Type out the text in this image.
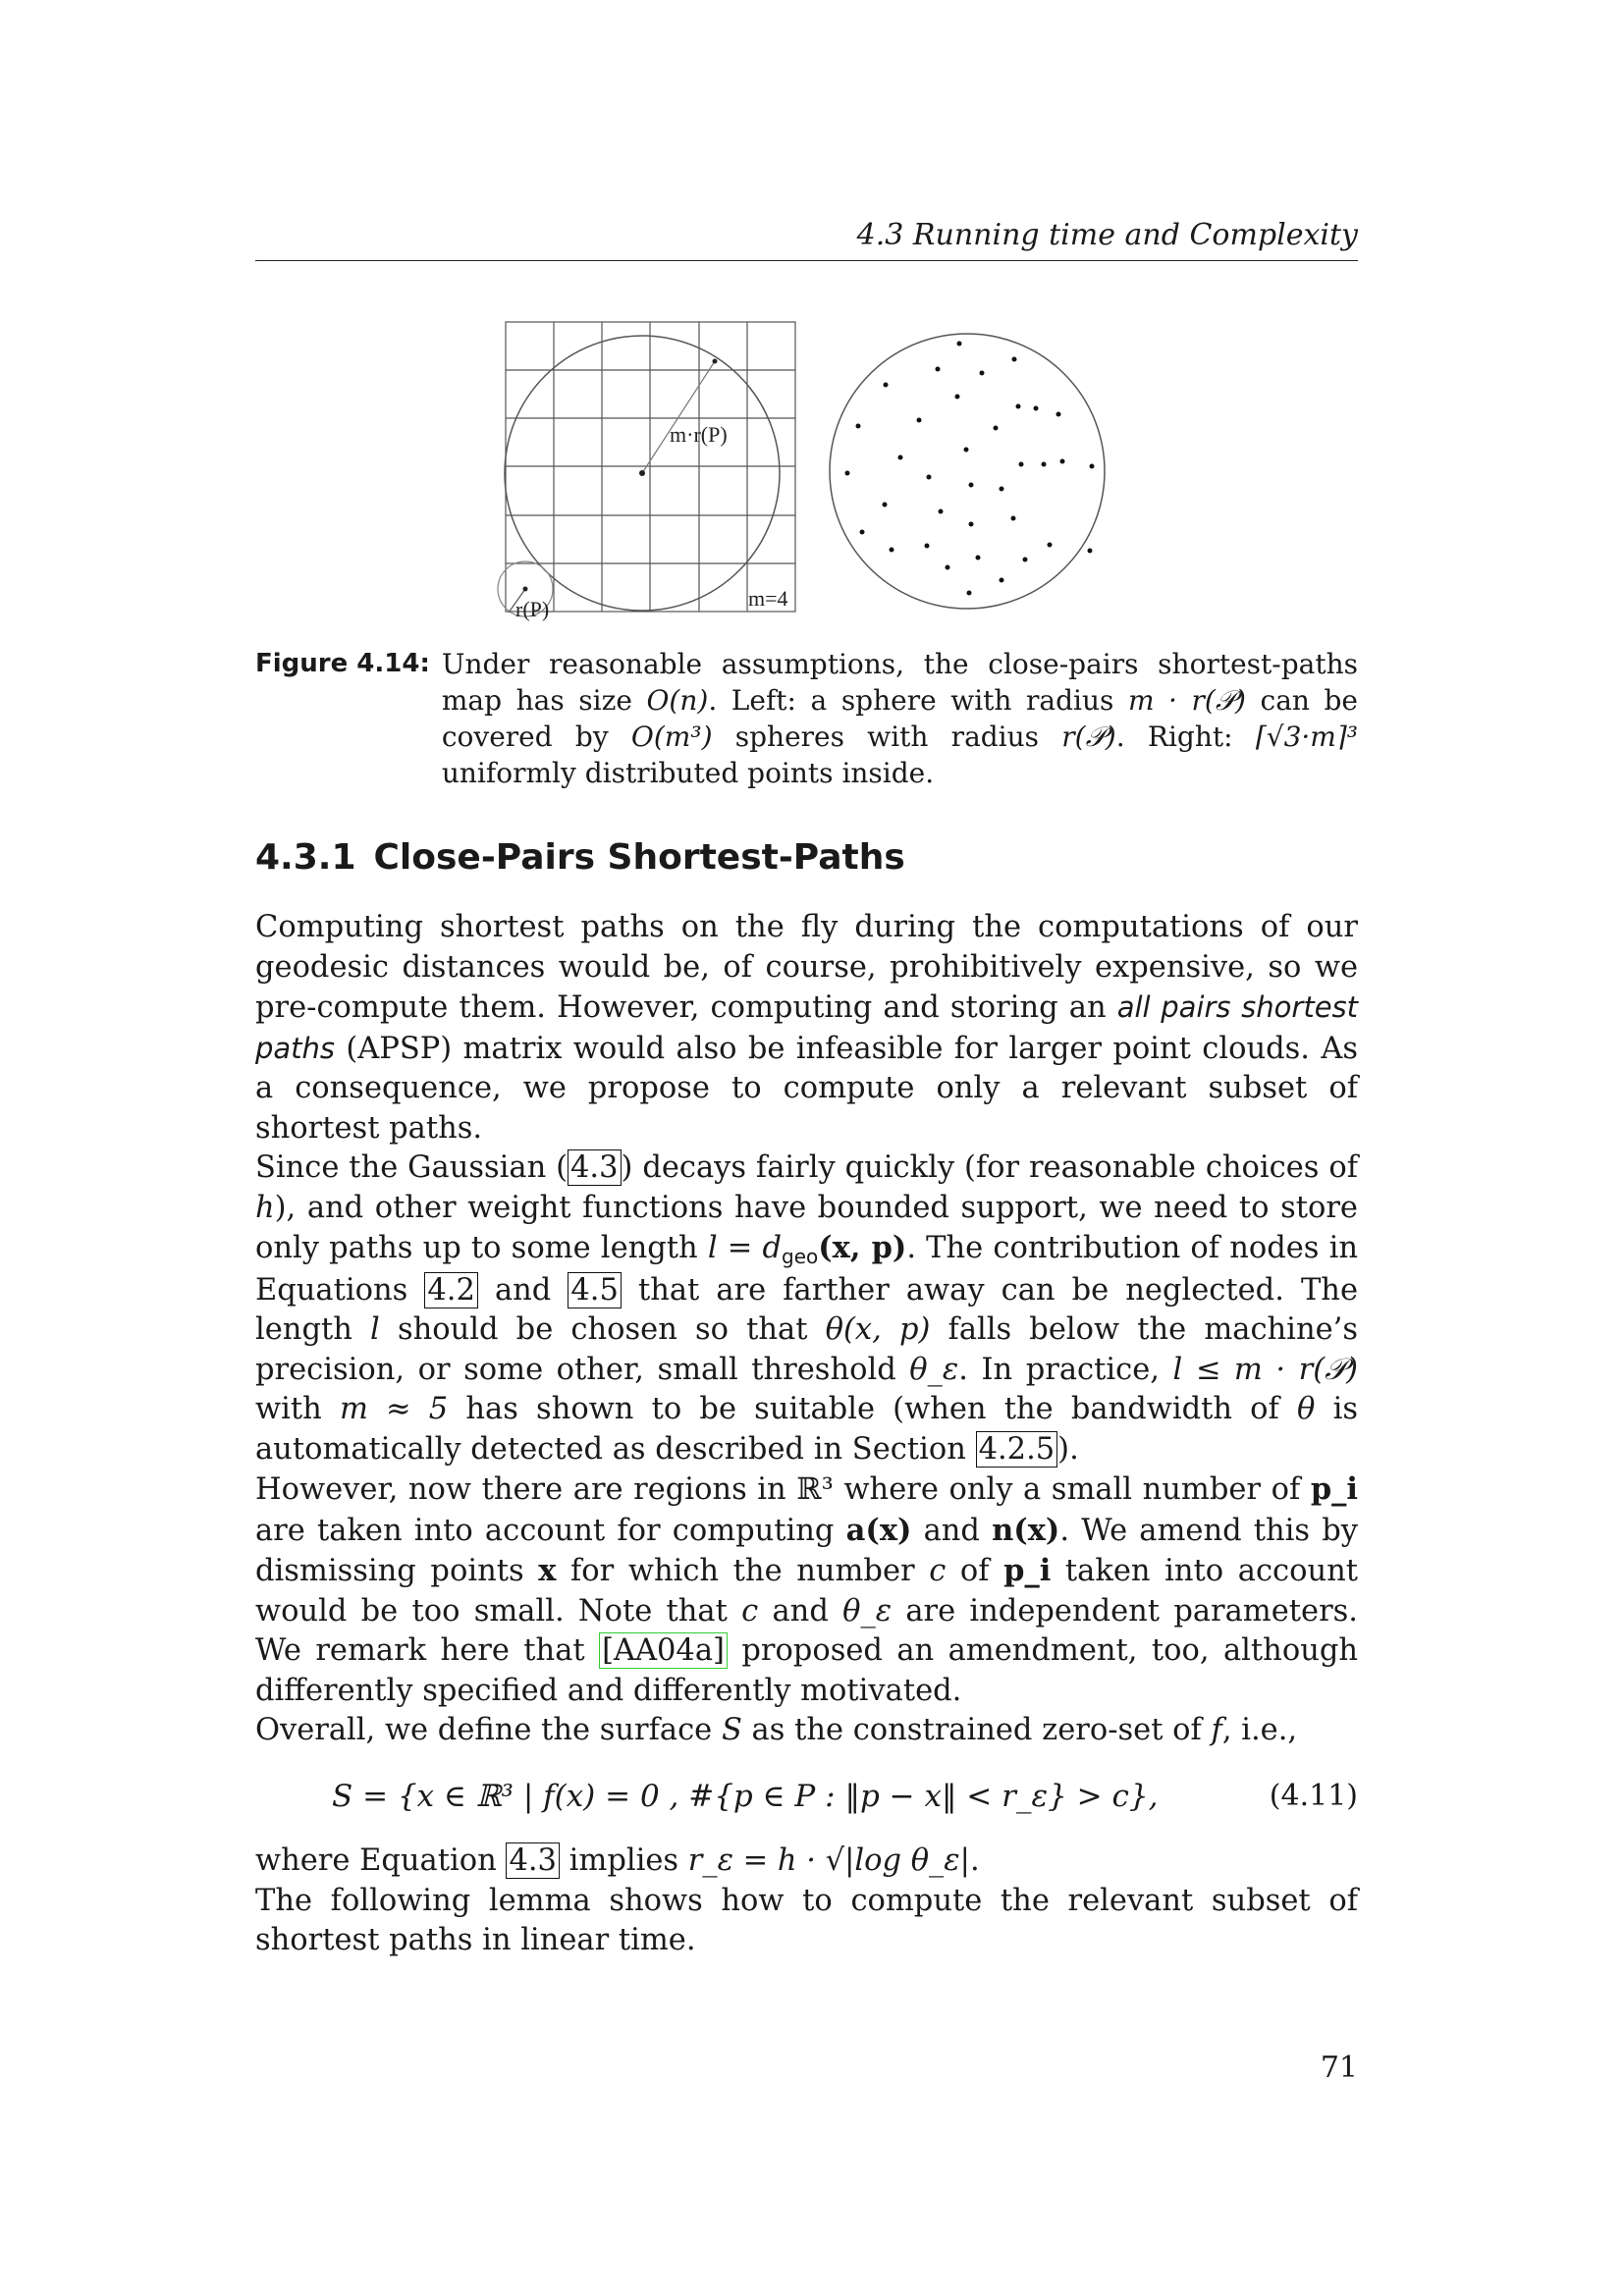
4.3 Running time and Complexity
m·r(P)
r(P)	m=4
Figure 4.14: Under reasonable assumptions, the close-pairs shortest-paths map has size O(n). Left: a sphere with radius m · r(𝒫) can be covered by O(m³) spheres with radius r(𝒫). Right: ⌈√3·m⌉³ uniformly distributed points inside.
4.3.1 Close-Pairs Shortest-Paths

Computing shortest paths on the fly during the computations of our geodesic distances would be, of course, prohibitively expensive, so we pre-compute them. However, computing and storing an all pairs shortest paths (APSP) matrix would also be infeasible for larger point clouds. As a consequence, we propose to compute only a relevant subset of shortest paths.

Since the Gaussian (4.3) decays fairly quickly (for reasonable choices of h), and other weight functions have bounded support, we need to store only paths up to some length l = dgeo(x, p). The contribution of nodes in Equations 4.2 and 4.5 that are farther away can be neglected. The length l should be chosen so that θ(x, p) falls below the machine’s precision, or some other, small threshold θ_ε. In practice, l ≤ m · r(𝒫) with m ≈ 5 has shown to be suitable (when the bandwidth of θ is automatically detected as described in Section 4.2.5).

However, now there are regions in ℝ³ where only a small number of p_i are taken into account for computing a(x) and n(x). We amend this by dismissing points x for which the number c of p_i taken into account would be too small. Note that c and θ_ε are independent parameters. We remark here that [AA04a] proposed an amendment, too, although differently specified and differently motivated.

Overall, we define the surface S as the constrained zero-set of f, i.e.,

S = {x ∈ ℝ³ | f(x) = 0 , #{p ∈ P : ‖p − x‖ < r_ε} > c},	(4.11)

where Equation 4.3 implies r_ε = h · √|log θ_ε|.

The following lemma shows how to compute the relevant subset of shortest paths in linear time.

71
